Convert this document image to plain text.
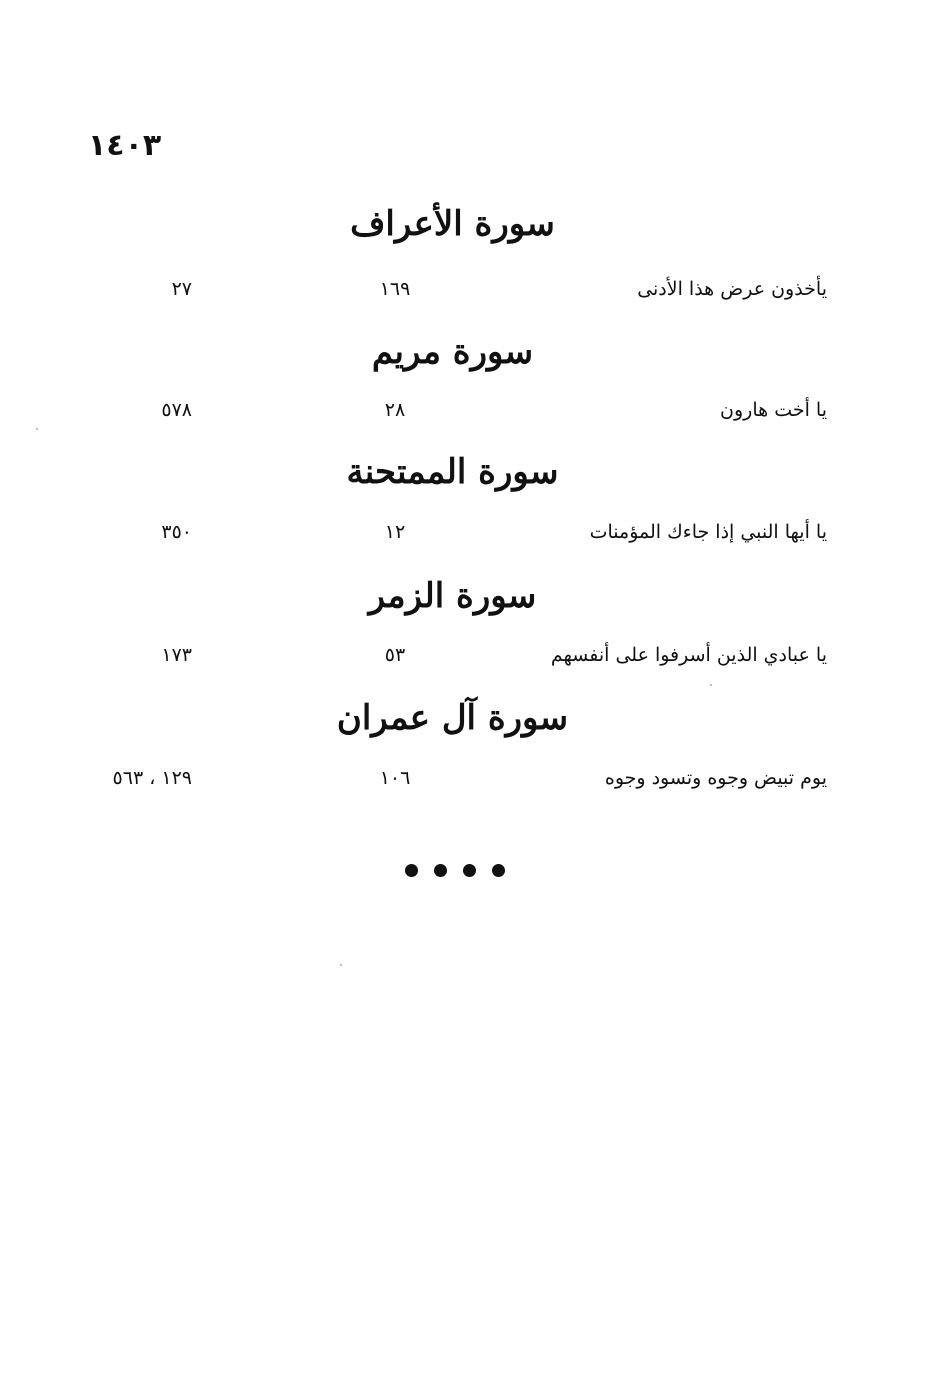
١٤٠٣
سورة الأعراف
يأخذون عرض هذا الأدنى
١٦٩
٢٧
سورة مريم
يا أخت هارون
٢٨
٥٧٨
سورة الممتحنة
يا أيها النبي إذا جاءك المؤمنات
١٢
٣٥٠
سورة الزمر
يا عبادي الذين أسرفوا على أنفسهم
٥٣
١٧٣
سورة آل عمران
يوم تبيض وجوه وتسود وجوه
١٠٦
١٢٩ ، ٥٦٣
